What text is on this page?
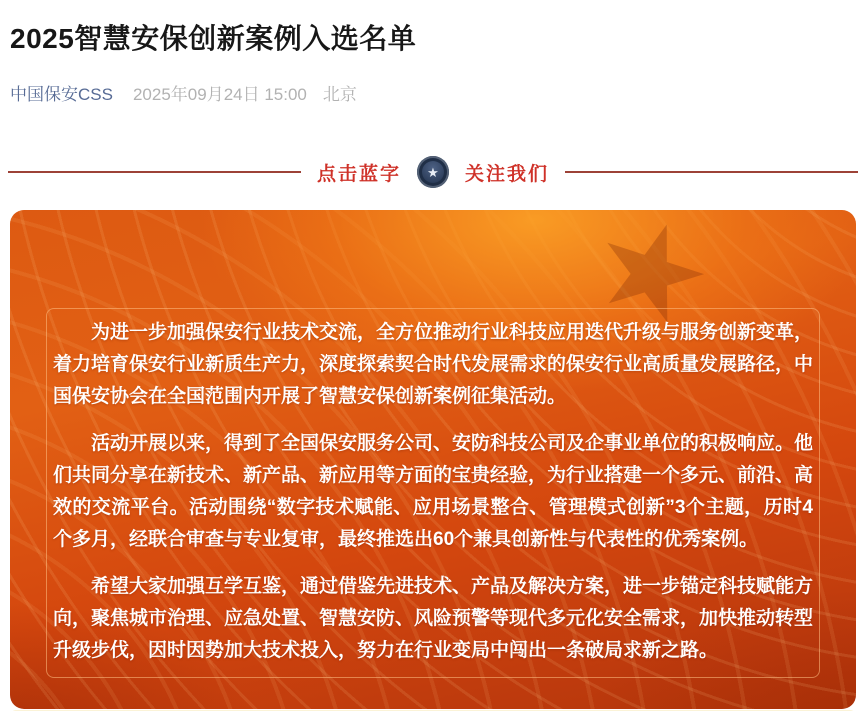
2025智慧安保创新案例入选名单
中国保安CSS 2025年09月24日 15:00 北京
点击蓝字 ★ 关注我们

为进一步加强保安行业技术交流，全方位推动行业科技应用迭代升级与服务创新变革，着力培育保安行业新质生产力，深度探索契合时代发展需求的保安行业高质量发展路径，中国保安协会在全国范围内开展了智慧安保创新案例征集活动。

活动开展以来，得到了全国保安服务公司、安防科技公司及企事业单位的积极响应。他们共同分享在新技术、新产品、新应用等方面的宝贵经验，为行业搭建一个多元、前沿、高效的交流平台。活动围绕“数字技术赋能、应用场景整合、管理模式创新”3个主题，历时4个多月，经联合审查与专业复审，最终推选出60个兼具创新性与代表性的优秀案例。

希望大家加强互学互鉴，通过借鉴先进技术、产品及解决方案，进一步锚定科技赋能方向，聚焦城市治理、应急处置、智慧安防、风险预警等现代多元化安全需求，加快推动转型升级步伐，因时因势加大技术投入，努力在行业变局中闯出一条破局求新之路。
